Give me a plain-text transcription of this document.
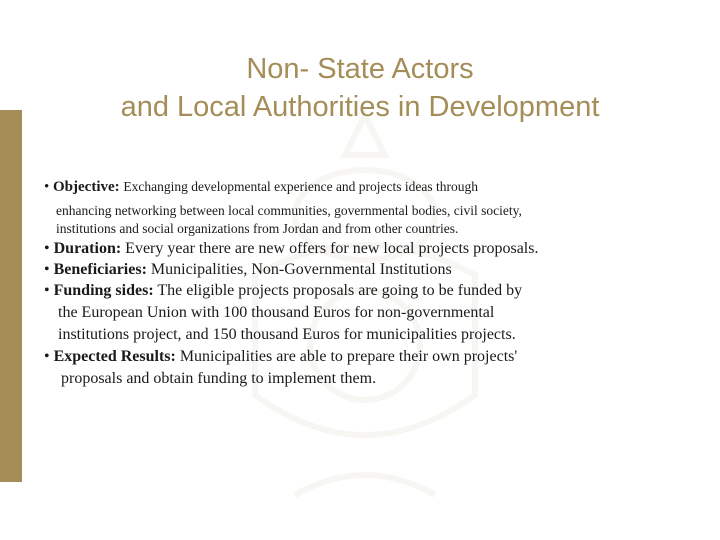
Non- State Actors
and Local Authorities in Development
• Objective: Exchanging developmental experience and projects ideas through
enhancing networking between local communities, governmental bodies, civil society,
institutions and social organizations from Jordan and from other countries.
• Duration: Every year there are new offers for new local projects proposals.
• Beneficiaries: Municipalities, Non-Governmental Institutions
• Funding sides: The eligible projects proposals are going to be funded by
the European Union with 100 thousand Euros for non-governmental
institutions project, and 150 thousand Euros for municipalities projects.
• Expected Results: Municipalities are able to prepare their own projects'
proposals and obtain funding to implement them.
